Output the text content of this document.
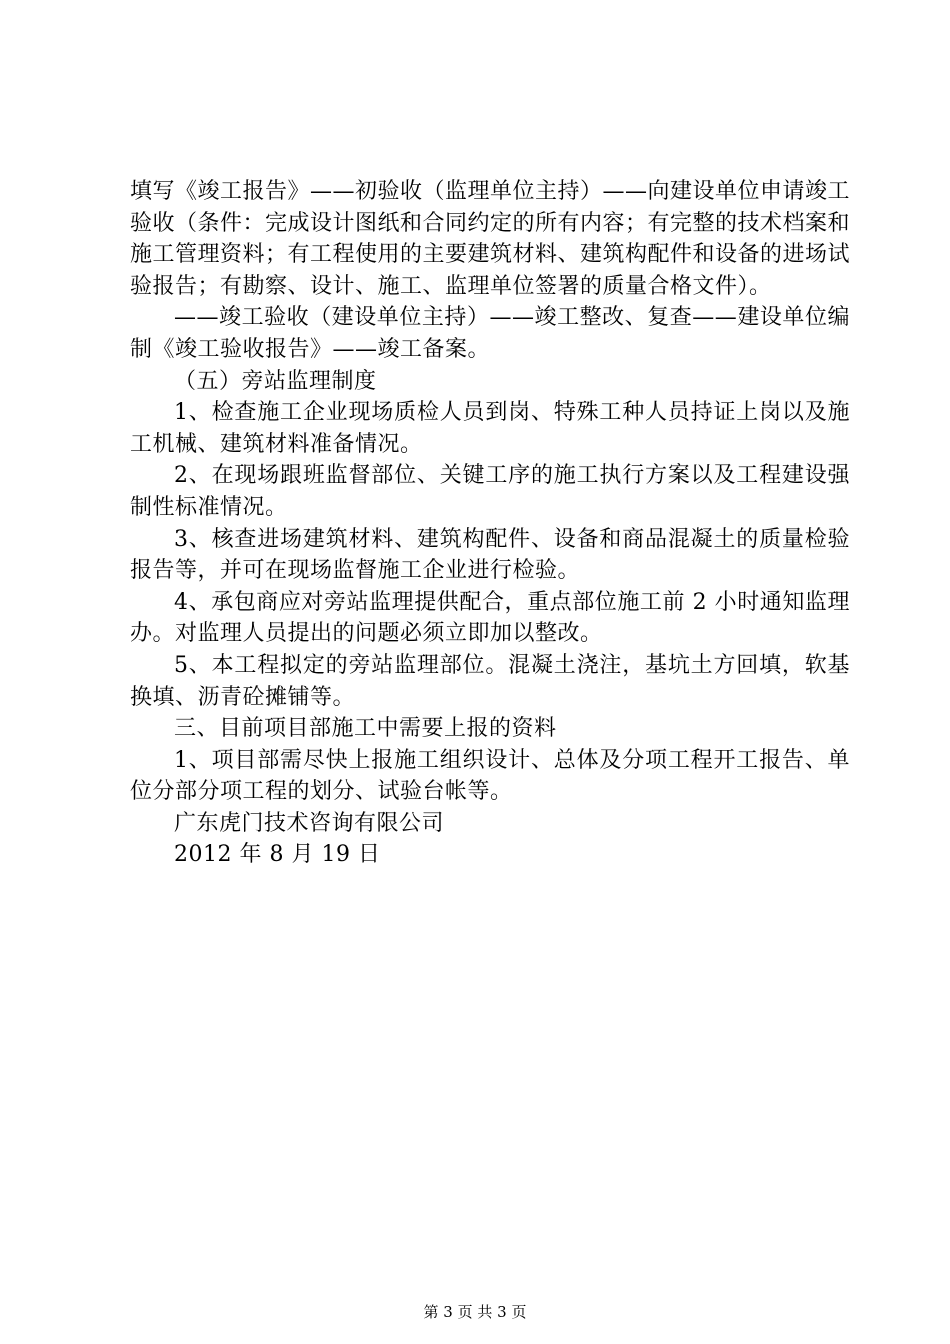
填写《竣工报告》——初验收（监理单位主持）——向建设单位申请竣工验收（条件：完成设计图纸和合同约定的所有内容；有完整的技术档案和施工管理资料；有工程使用的主要建筑材料、建筑构配件和设备的进场试验报告；有勘察、设计、施工、监理单位签署的质量合格文件）。

——竣工验收（建设单位主持）——竣工整改、复查——建设单位编制《竣工验收报告》——竣工备案。

（五）旁站监理制度

1、检查施工企业现场质检人员到岗、特殊工种人员持证上岗以及施工机械、建筑材料准备情况。

2、在现场跟班监督部位、关键工序的施工执行方案以及工程建设强制性标准情况。

3、核查进场建筑材料、建筑构配件、设备和商品混凝土的质量检验报告等，并可在现场监督施工企业进行检验。

4、承包商应对旁站监理提供配合，重点部位施工前 2 小时通知监理办。对监理人员提出的问题必须立即加以整改。

5、本工程拟定的旁站监理部位。混凝土浇注，基坑土方回填，软基换填、沥青砼摊铺等。

三、目前项目部施工中需要上报的资料

1、项目部需尽快上报施工组织设计、总体及分项工程开工报告、单位分部分项工程的划分、试验台帐等。

广东虎门技术咨询有限公司

2012 年 8 月 19 日

第 3 页 共 3 页
